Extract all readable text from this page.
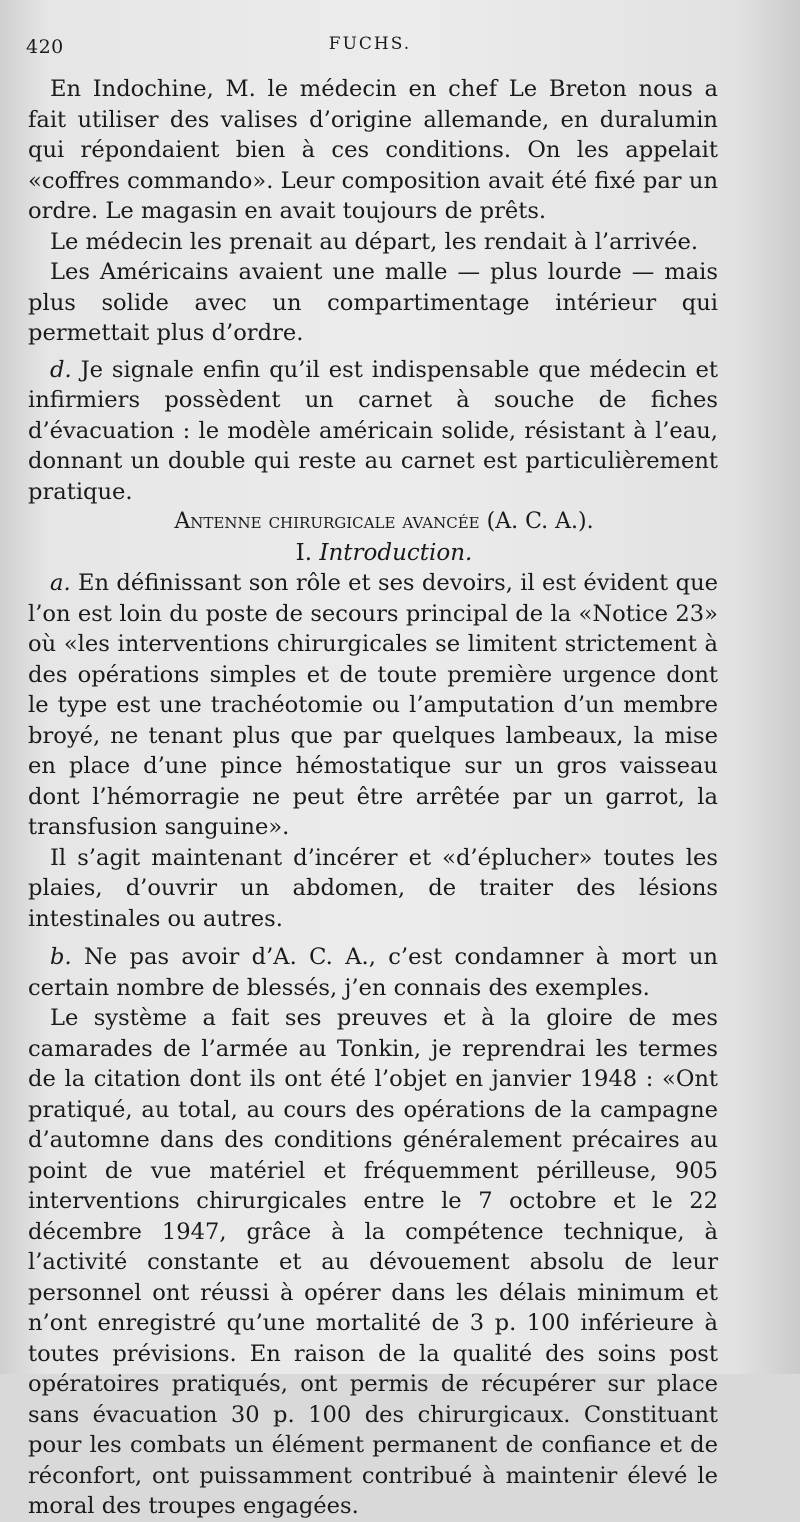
420	FUCHS.

En Indochine, M. le médecin en chef Le Breton nous a fait utiliser des valises d’origine allemande, en duralumin qui répondaient bien à ces conditions. On les appelait «coffres commando». Leur composition avait été fixé par un ordre. Le magasin en avait toujours de prêts.

Le médecin les prenait au départ, les rendait à l’arrivée.

Les Américains avaient une malle — plus lourde — mais plus solide avec un compartimentage intérieur qui permettait plus d’ordre.

d. Je signale enfin qu’il est indispensable que médecin et infirmiers possèdent un carnet à souche de fiches d’évacuation : le modèle américain solide, résistant à l’eau, donnant un double qui reste au carnet est particulièrement pratique.

Antenne chirurgicale avancée (A. C. A.).

I. Introduction.

a. En définissant son rôle et ses devoirs, il est évident que l’on est loin du poste de secours principal de la «Notice 23» où «les interventions chirurgicales se limitent strictement à des opérations simples et de toute première urgence dont le type est une trachéotomie ou l’amputation d’un membre broyé, ne tenant plus que par quelques lambeaux, la mise en place d’une pince hémostatique sur un gros vaisseau dont l’hémorragie ne peut être arrêtée par un garrot, la transfusion sanguine».

Il s’agit maintenant d’incérer et «d’éplucher» toutes les plaies, d’ouvrir un abdomen, de traiter des lésions intestinales ou autres.

b. Ne pas avoir d’A. C. A., c’est condamner à mort un certain nombre de blessés, j’en connais des exemples.

Le système a fait ses preuves et à la gloire de mes camarades de l’armée au Tonkin, je reprendrai les termes de la citation dont ils ont été l’objet en janvier 1948 : «Ont pratiqué, au total, au cours des opérations de la campagne d’automne dans des conditions généralement précaires au point de vue matériel et fréquemment périlleuse, 905 interventions chirurgicales entre le 7 octobre et le 22 décembre 1947, grâce à la compétence technique, à l’activité constante et au dévouement absolu de leur personnel ont réussi à opérer dans les délais minimum et n’ont enregistré qu’une mortalité de 3 p. 100 inférieure à toutes prévisions. En raison de la qualité des soins post opératoires pratiqués, ont permis de récupérer sur place sans évacuation 30 p. 100 des chirurgicaux. Constituant pour les combats un élément permanent de confiance et de réconfort, ont puissamment contribué à maintenir élevé le moral des troupes engagées.
